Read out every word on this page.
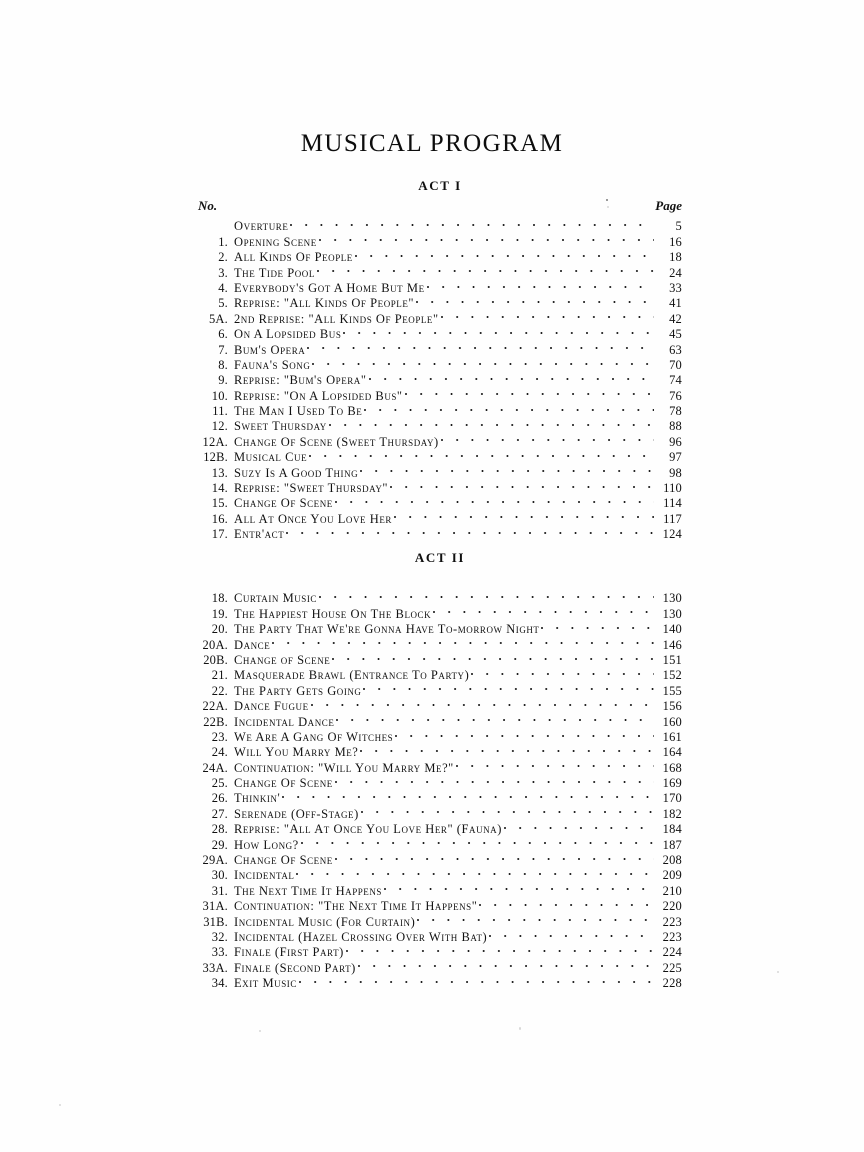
MUSICAL PROGRAM
ACT I
No.	Page
Overture	5
1. Opening Scene	16
2. All Kinds Of People	18
3. The Tide Pool	24
4. Everybody's Got A Home But Me	33
5. Reprise: "All Kinds Of People"	41
5A. 2nd Reprise: "All Kinds Of People"	42
6. On A Lopsided Bus	45
7. Bum's Opera	63
8. Fauna's Song	70
9. Reprise: "Bum's Opera"	74
10. Reprise: "On A Lopsided Bus"	76
11. The Man I Used To Be	78
12. Sweet Thursday	88
12A. Change Of Scene (Sweet Thursday)	96
12B. Musical Cue	97
13. Suzy Is A Good Thing	98
14. Reprise: "Sweet Thursday"	110
15. Change Of Scene	114
16. All At Once You Love Her	117
17. Entr'act	124
ACT II
18. Curtain Music	130
19. The Happiest House On The Block	130
20. The Party That We're Gonna Have To-morrow Night	140
20A. Dance	146
20B. Change of Scene	151
21. Masquerade Brawl (Entrance To Party)	152
22. The Party Gets Going	155
22A. Dance Fugue	156
22B. Incidental Dance	160
23. We Are A Gang Of Witches	161
24. Will You Marry Me?	164
24A. Continuation: "Will You Marry Me?"	168
25. Change Of Scene	169
26. Thinkin'	170
27. Serenade (Off-Stage)	182
28. Reprise: "All At Once You Love Her" (Fauna)	184
29. How Long?	187
29A. Change Of Scene	208
30. Incidental	209
31. The Next Time It Happens	210
31A. Continuation: "The Next Time It Happens"	220
31B. Incidental Music (For Curtain)	223
32. Incidental (Hazel Crossing Over With Bat)	223
33. Finale (First Part)	224
33A. Finale (Second Part)	225
34. Exit Music	228
